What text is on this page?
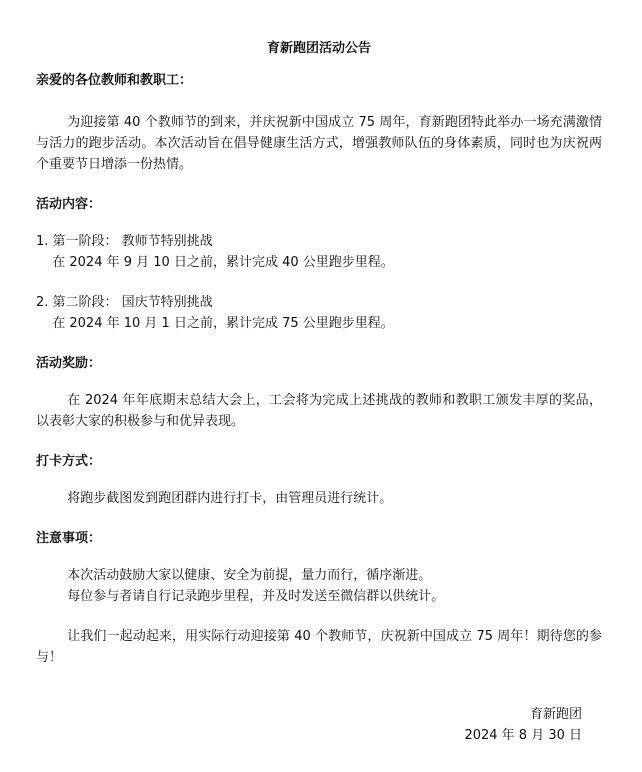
育新跑团活动公告
亲爱的各位教师和教职工：

为迎接第 40 个教师节的到来，并庆祝新中国成立 75 周年，育新跑团特此举办一场充满激情与活力的跑步活动。本次活动旨在倡导健康生活方式，增强教师队伍的身体素质，同时也为庆祝两个重要节日增添一份热情。

活动内容：

1. 第一阶段： 教师节特别挑战

在 2024 年 9 月 10 日之前，累计完成 40 公里跑步里程。

2. 第二阶段： 国庆节特别挑战

在 2024 年 10 月 1 日之前，累计完成 75 公里跑步里程。

活动奖励：

在 2024 年年底期末总结大会上，工会将为完成上述挑战的教师和教职工颁发丰厚的奖品，以表彰大家的积极参与和优异表现。

打卡方式：

将跑步截图发到跑团群内进行打卡，由管理员进行统计。

注意事项：

本次活动鼓励大家以健康、安全为前提，量力而行，循序渐进。

每位参与者请自行记录跑步里程，并及时发送至微信群以供统计。

让我们一起动起来，用实际行动迎接第 40 个教师节，庆祝新中国成立 75 周年！期待您的参与！

育新跑团
2024 年 8 月 30 日
